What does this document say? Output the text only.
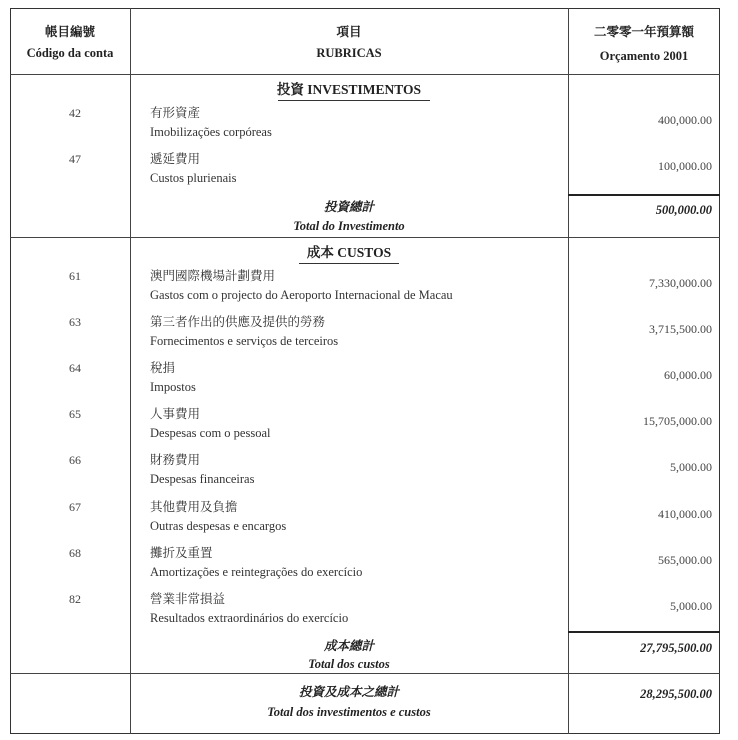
帳目編號
Código da conta
項目
RUBRICAS
二零零一年預算額
Orçamento 2001
投資 INVESTIMENTOS
42	有形資產
Imobilizações corpóreas
400,000.00
47	遞延費用
Custos plurienais
100,000.00
投資總計
Total do Investimento
500,000.00
成本 CUSTOS
61	澳門國際機場計劃費用
Gastos com o projecto do Aeroporto Internacional de Macau
7,330,000.00
63	第三者作出的供應及提供的勞務
Fornecimentos e serviços de terceiros
3,715,500.00
64	稅捐
Impostos
60,000.00
65	人事費用
Despesas com o pessoal
15,705,000.00
66	財務費用
Despesas financeiras
5,000.00
67	其他費用及負擔
Outras despesas e encargos
410,000.00
68	攤折及重置
Amortizações e reintegrações do exercício
565,000.00
82	營業非常損益
Resultados extraordinários do exercício
5,000.00
成本總計
Total dos custos
27,795,500.00
投資及成本之總計
Total dos investimentos e custos
28,295,500.00
